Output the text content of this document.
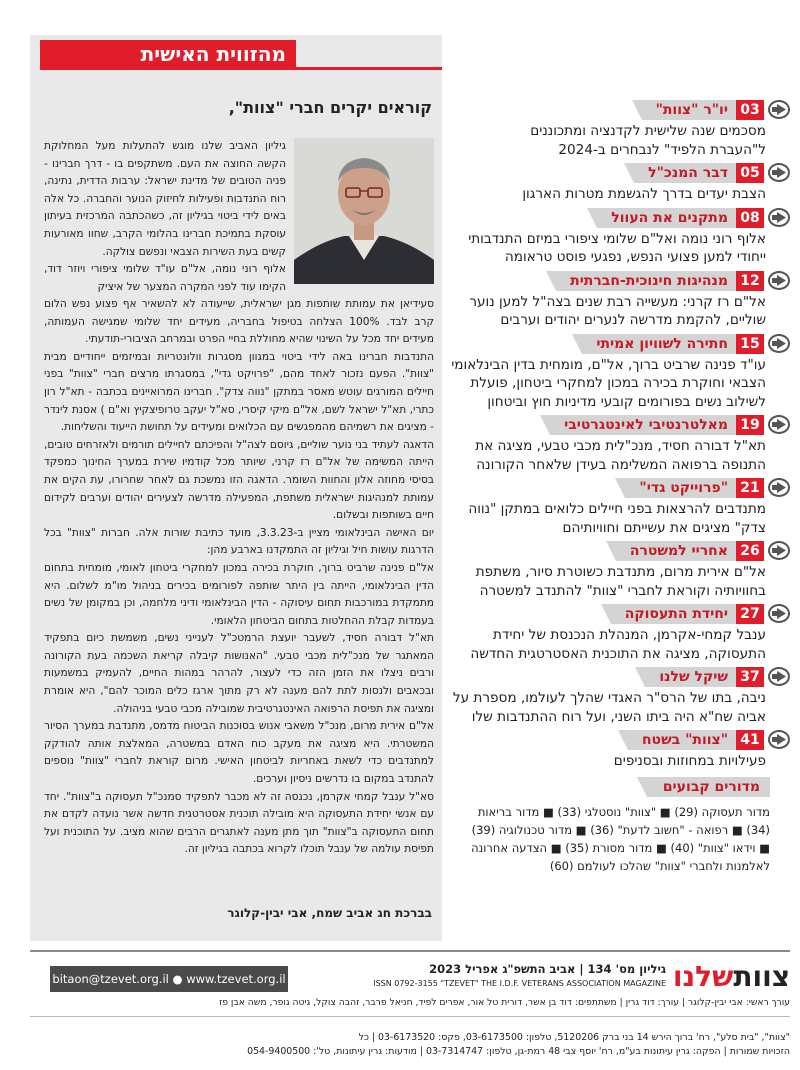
מהזווית האישית
קוראים יקרים חברי "צוות",

גיליון האביב שלנו מוגש להתעלות מעל המחלוקת הקשה החוצה את העם. משתקפים בו - דרך חברינו - פניה הטובים של מדינת ישראל: ערבות הדדית, נתינה, רוח התנדבות ופעילות לחיזוק הנוער והחברה. כל אלה באים לידי ביטוי בגיליון זה, כשהכתבה המרכזית בעיתון עוסקת בתמיכת חברינו בהלומי הקרב, שחוו מאורעות קשים בעת השירות הצבאי ונפשם צולקה.

אלוף רוני נומה, אל"ם עו"ד שלומי ציפורי ויוזר דוד, הקימו עוד לפני המקרה המצער של איציק

סעידיאן את עמותת שותפות מגן ישראלית, שייעודה לא להשאיר אף פצוע נפש הלום קרב לבד. 100% הצלחה בטיפול בחבריה, מעידים יחד שלומי שמגישה העמותה, מעידים יחד מכל על השינוי שהיא מחוללת בחיי הפרט ובמרחב הציבורי-תודעתי.

התנדבות חברינו באה לידי ביטוי במגוון מסגרות וולונטריות ובמיזמים ייחודיים מבית "צוות". הפעם נזכור לאחד מהם, "פרויקט גדי", במסגרתו מרצים חברי "צוות" בפני חיילים המורגים עוטש מאסר במתקן "נווה צדק". חברינו המרואיינים בכתבה - תא"ל רון כתרי, תא"ל ישראל לשם, אל"ם מיקי קיסרי, סא"ל יעקב טרופיצקיץ וא"ם ) אסנת לינדר - מציגים את רשמיהם מהמפגשים עם הכלואים ומעידים על תחושת הייעוד והשליחות.

הדאגה לעתיד בני נוער שוליים, גיוסם לצה"ל והפיכתם לחיילים תורמים ולאזרחים טובים, הייתה המשימה של אל"ם רז קרני, שיותר מכל קודמיו שירת במערך החינוך כמפקד בסיסי מחוזה אלון והחוות השומר. הדאגה הזו נמשכת גם לאחר שחרורו, עת הקים את עמותת למנהיגות ישראלית משתפת, המפעילה מדרשה לצעירים יהודים וערבים לקידום חיים בשותפות ובשלום.

יום האישה הבינלאומי מציין ב-3.3.23, מועד כתיבת שורות אלה. חברות "צוות" בכל הדרגות עושות חיל וגיליון זה התמקדנו בארבע מהן:

אל"ם פנינה שרביט ברוך, חוקרת בכירה במכון למחקרי ביטחון לאומי, מומחית בתחום הדין הבינלאומי, הייתה בין היתר שותפה לפורומים בכירים בניהול מו"מ לשלום. היא מתמקדת במורכבות תחום עיסוקה - הדין הבינלאומי ודיני מלחמה, וכן במקומן של נשים בעמדות קבלת ההחלטות בתחום הביטחון הלאומי.

תא"ל דבורה חסיד, לשעבר יועצת הרמטכ"ל לענייני נשים, משמשת כיום בתפקיד המאתגר של מנכ"לית מכבי טבעי. "האנושות קיבלה קריאת השכמה בעת הקורונה ורבים ניצלו את הזמן הזה כדי לעצור, להרהר במהות החיים, להעמיק במשמעות ובכאבים ולנסות לתת להם מענה לא רק מתוך ארגז כלים המוכר להם", היא אומרת ומציגה את תפיסת הרפואה האינטגרטיבית שמובילה מכבי טבעי בניהולה.

אל"ם אירית מרום, מנכ"ל משאבי אנוש בסוכנות הביטוח מדמס, מתנדבת במערך הסיור המשטרתי. היא מציגה את מעקב כוח האדם במשטרה, המאלצת אותה להודקק למתנדבים כדי לשאת באחריות לביטחון האישי. מרום קוראת לחברי "צוות" נוספים להתנדב במקום בו נדרשים ניסיון וערכים.

סא"ל ענבל קמחי אקרמן, נכנסה זה לא מכבר לתפקיד סמנכ"ל תעסוקה ב"צוות". יחד עם אנשי יחידת התעסוקה היא מובילה תוכנית אסטרטגית חדשה אשר נועדה לקדם את תחום התעסוקה ב"צוות" תוך מתן מענה לאתגרים הרבים שהוא מציב. על התוכנית ועל תפיסת עולמה של ענבל תוכלו לקרוא בכתבה בגיליון זה.

בברכת חג אביב שמח, אבי יבין-קלוגר
03
יו"ר "צוות"
מסכמים שנה שלישית לקדנציה ומתכוננים
ל"העברת הלפיד" לנבחרים ב-2024
05
דבר המנכ"ל
הצבת יעדים בדרך להגשמת מטרות הארגון
08
מתקנים את העוול
אלוף רוני נומה ואל"ם שלומי ציפורי במיזם התנדבותי
ייחודי למען פצועי הנפש, נפגעי פוסט טראומה
12
מנהיגות חינוכית-חברתית
אל"ם רז קרני: מעשייה רבת שנים בצה"ל למען נוער
שוליים, להקמת מדרשה לנערים יהודים וערבים
15
חתירה לשוויון אמיתי
עו"ד פנינה שרביט ברוך, אל"ם, מומחית בדין הבינלאומי
הצבאי וחוקרת בכירה במכון למחקרי ביטחון, פועלת
לשילוב נשים בפורומים קובעי מדיניות חוץ וביטחון
19
מאלטרנטיבי לאינטגרטיבי
תא"ל דבורה חסיד, מנכ"לית מכבי טבעי, מציגה את
התנופה ברפואה המשלימה בעידן שלאחר הקורונה
21
"פרוייקט גדי"
מתנדבים להרצאות בפני חיילים כלואים במתקן "נווה
צדק" מציגים את עשייתם וחוויותיהם
26
אחריי למשטרה
אל"ם אירית מרום, מתנדבת כשוטרת סיור, משתפת
בחוויותיה וקוראת לחברי "צוות" להתנדב למשטרה
27
יחידת התעסוקה
ענבל קמחי-אקרמן, המנהלת הנכנסת של יחידת
התעסוקה, מציגה את התוכנית האסטרטגית החדשה
37
שיקל שלנו
ניבה, בתו של הרס"ר האגדי שהלך לעולמו, מספרת על
אביה שח"א היה ביתו השני, ועל רוח ההתנדבות שלו
41
"צוות" בשטח
פעילויות במחוזות ובסניפים
מדורים קבועים
מדור תעסוקה (29) ■ "צוות" נוסטלגי (33) ■ מדור בריאות
(34) ■ רפואה - "חשוב לדעת" (36) ■ מדור טכנולוגיה (39)
■ וידאו "צוות" (40) ■ מדור מסורת (35) ■ הצדעה אחרונה
לאלמנות ולחברי "צוות" שהלכו לעולמם (60)
צוותשלנו
גיליון מס' 134 | אביב התשפ"ג אפריל 2023
ISSN 0792-3155 "TZEVET" THE I.D.F. VETERANS ASSOCIATION MAGAZINE
bitaon@tzevet.org.il ● www.tzevet.org.il
עורך ראשי: אבי יבין-קלוגר | עורך: דוד גרין | משתתפים: דוד בן אשר, דורית טל אור, אפרים לפיד, חניאל פרבר, זהבה צוקל, גיטה גופר, משה אבן פז
"צוות", "בית סלע", רח' ברוך הירש 14 בני ברק 5120206, טלפון: 03-6173500, פקס: 03-6173520 | כל
הזכויות שמורות | הפקה: גרין עיתונות בע"מ, רח' יוסף צבי 48 רמת-גן, טלפון: 03-7314747 | מודעות: גרין עיתונות, טל': 054-9400500
